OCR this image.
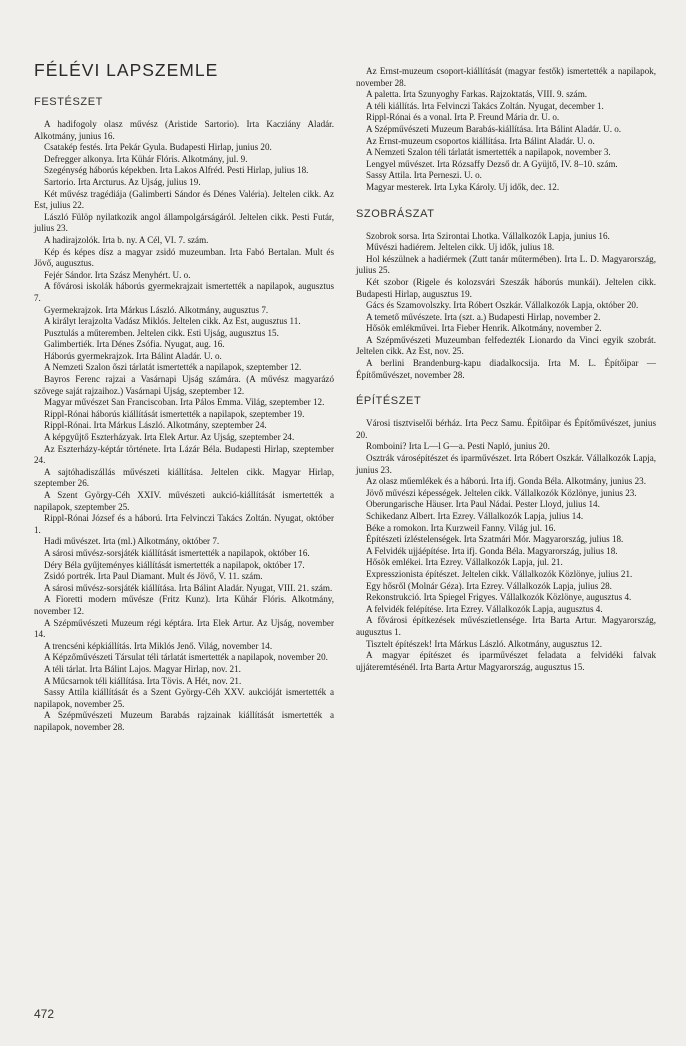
FÉLÉVI LAPSZEMLE
FESTÉSZET

A hadifogoly olasz művész (Aristide Sartorio). Irta Kacziány Aladár. Alkotmány, junius 16.

Csatakép festés. Irta Pekár Gyula. Budapesti Hirlap, junius 20.

Defregger alkonya. Irta Kühár Flóris. Alkotmány, jul. 9.

Szegénység háborús képekben. Irta Lakos Alfréd. Pesti Hirlap, julius 18.

Sartorio. Irta Arcturus. Az Ujság, julius 19.

Két művész tragédiája (Galimberti Sándor és Dénes Valéria). Jeltelen cikk. Az Est, julius 22.

László Fülöp nyilatkozik angol állampolgárságáról. Jeltelen cikk. Pesti Futár, julius 23.

A hadirajzolók. Irta b. ny. A Cél, VI. 7. szám.

Kép és képes dísz a magyar zsidó muzeumban. Irta Fabó Bertalan. Mult és Jövő, augusztus.

Fejér Sándor. Irta Szász Menyhért. U. o.

A fővárosi iskolák háborús gyermekrajzait ismertették a napilapok, augusztus 7.

Gyermekrajzok. Irta Márkus László. Alkotmány, augusztus 7.

A királyt lerajzolta Vadász Miklós. Jeltelen cikk. Az Est, augusztus 11.

Pusztulás a műteremben. Jeltelen cikk. Esti Ujság, augusztus 15.

Galimbertiék. Irta Dénes Zsófia. Nyugat, aug. 16.

Háborús gyermekrajzok. Irta Bálint Aladár. U. o.

A Nemzeti Szalon őszi tárlatát ismertették a napilapok, szeptember 12.

Bayros Ferenc rajzai a Vasárnapi Ujság számára. (A művész magyarázó szövege saját rajzaihoz.) Vasárnapi Ujság, szeptember 12.

Magyar művészet San Franciscoban. Irta Pálos Emma. Világ, szeptember 12.

Rippl-Rónai háborús kiállítását ismertették a napilapok, szeptember 19.

Rippl-Rónai. Irta Márkus László. Alkotmány, szeptember 24.

A képgyűjtő Eszterházyak. Irta Elek Artur. Az Ujság, szeptember 24.

Az Eszterházy-képtár története. Irta Lázár Béla. Budapesti Hirlap, szeptember 24.

A sajtóhadiszállás művészeti kiállítása. Jeltelen cikk. Magyar Hirlap, szeptember 26.

A Szent György-Céh XXIV. művészeti aukció-kiállítását ismertették a napilapok, szeptember 25.

Rippl-Rónai József és a háború. Irta Felvinczi Takács Zoltán. Nyugat, október 1.

Hadi művészet. Irta (ml.) Alkotmány, október 7.

A sárosi művész-sorsjáték kiállítását ismertették a napilapok, október 16.

Déry Béla gyűjteményes kiállítását ismertették a napilapok, október 17.

Zsidó portrék. Irta Paul Diamant. Mult és Jövő, V. 11. szám.

A sárosi művész-sorsjáték kiállítása. Irta Bálint Aladár. Nyugat, VIII. 21. szám.

A Fioretti modern művésze (Fritz Kunz). Irta Kühár Flóris. Alkotmány, november 12.

A Szépművészeti Muzeum régi képtára. Irta Elek Artur. Az Ujság, november 14.

A trencséni képkiállítás. Irta Miklós Jenő. Világ, november 14.

A Képzőművészeti Társulat téli tárlatát ismertették a napilapok, november 20.

A téli tárlat. Irta Bálint Lajos. Magyar Hirlap, nov. 21.

A Műcsarnok téli kiállítása. Irta Tövis. A Hét, nov. 21.

Sassy Attila kiállítását és a Szent György-Céh XXV. aukcióját ismertették a napilapok, november 25.

A Szépművészeti Muzeum Barabás rajzainak kiállítását ismertették a napilapok, november 28.

Az Ernst-muzeum csoport-kiállítását (magyar festők) ismertették a napilapok, november 28.

A paletta. Irta Szunyoghy Farkas. Rajzoktatás, VIII. 9. szám.

A téli kiállítás. Irta Felvinczi Takács Zoltán. Nyugat, december 1.

Rippl-Rónai és a vonal. Irta P. Freund Mária dr. U. o.

A Szépművészeti Muzeum Barabás-kiállítása. Irta Bálint Aladár. U. o.

Az Ernst-muzeum csoportos kiállítása. Irta Bálint Aladár. U. o.

A Nemzeti Szalon téli tárlatát ismertették a napilapok, november 3.

Lengyel művészet. Irta Rózsaffy Dezső dr. A Gyüjtő, IV. 8–10. szám.

Sassy Attila. Irta Perneszi. U. o.

Magyar mesterek. Irta Lyka Károly. Uj idők, dec. 12.

SZOBRÁSZAT

Szobrok sorsa. Irta Szirontai Lhotka. Vállalkozók Lapja, junius 16.

Művészi hadiérem. Jeltelen cikk. Uj idők, julius 18.

Hol készülnek a hadiérmek (Zutt tanár műtermében). Irta L. D. Magyarország, julius 25.

Két szobor (Rigele és kolozsvári Szeszák háborús munkái). Jeltelen cikk. Budapesti Hirlap, augusztus 19.

Gács és Szamovolszky. Irta Róbert Oszkár. Vállalkozók Lapja, október 20.

A temető művészete. Irta (szt. a.) Budapesti Hirlap, november 2.

Hősök emlékművei. Irta Fieber Henrik. Alkotmány, november 2.

A Szépművészeti Muzeumban felfedezték Lionardo da Vinci egyik szobrát. Jeltelen cikk. Az Est, nov. 25.

A berlini Brandenburg-kapu diadalkocsija. Irta M. L. Építőipar — Építőművészet, november 28.

ÉPÍTÉSZET

Városi tisztviselői bérház. Irta Pecz Samu. Építőipar és Építőművészet, junius 20.

Romboini? Irta L—l G—a. Pesti Napló, junius 20.

Osztrák városépítészet és iparművészet. Irta Róbert Oszkár. Vállalkozók Lapja, junius 23.

Az olasz műemlékek és a háború. Irta ifj. Gonda Béla. Alkotmány, junius 23.

Jövő művészi képességek. Jeltelen cikk. Vállalkozók Közlönye, junius 23.

Oberungarische Häuser. Irta Paul Nádai. Pester Lloyd, julius 14.

Schikedanz Albert. Irta Ezrey. Vállalkozók Lapja, julius 14.

Béke a romokon. Irta Kurzweil Fanny. Világ jul. 16.

Építészeti ízléstelenségek. Irta Szatmári Mór. Magyarország, julius 18.

A Felvidék ujjáépítése. Irta ifj. Gonda Béla. Magyarország, julius 18.

Hősök emlékei. Irta Ezrey. Vállalkozók Lapja, jul. 21.

Expresszionista építészet. Jeltelen cikk. Vállalkozók Közlönye, julius 21.

Egy hősről (Molnár Géza). Irta Ezrey. Vállalkozók Lapja, julius 28.

Rekonstrukció. Irta Spiegel Frigyes. Vállalkozók Közlönye, augusztus 4.

A felvidék felépítése. Irta Ezrey. Vállalkozók Lapja, augusztus 4.

A fővárosi építkezések művészietlensége. Irta Barta Artur. Magyarország, augusztus 1.

Tisztelt építészek! Irta Márkus László. Alkotmány, augusztus 12.

A magyar építészet és iparművészet feladata a felvidéki falvak ujjáteremtésénél. Irta Barta Artur Magyarország, augusztus 15.

472
